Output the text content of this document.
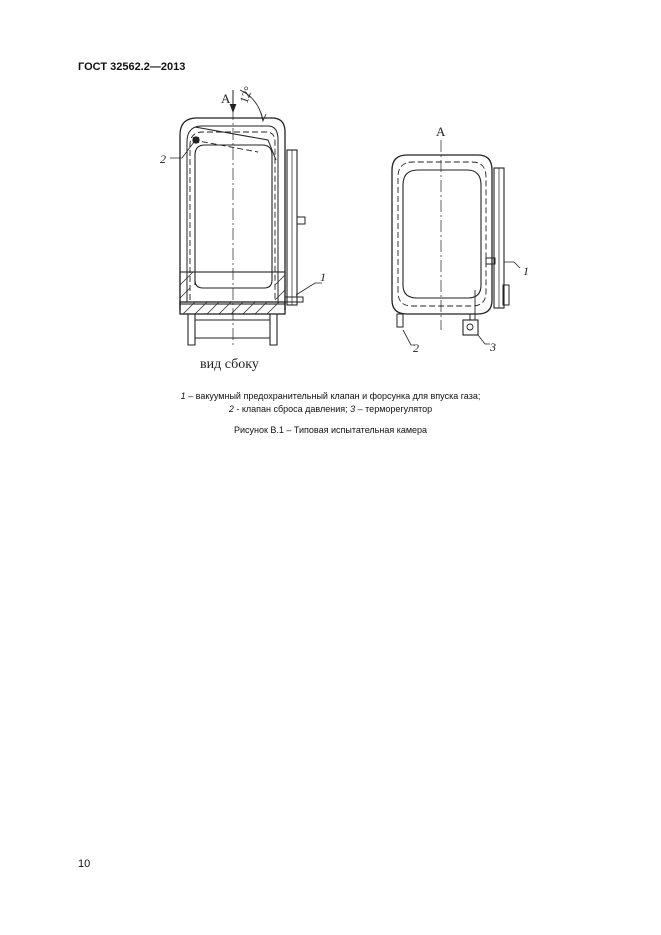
ГОСТ 32562.2—2013
А 12°
2
1
вид сбоку
А
1
2	3
1 – вакуумный предохранительный клапан и форсунка для впуска газа;
2 - клапан сброса давления; 3 – терморегулятор
Рисунок В.1 – Типовая испытательная камера
10
